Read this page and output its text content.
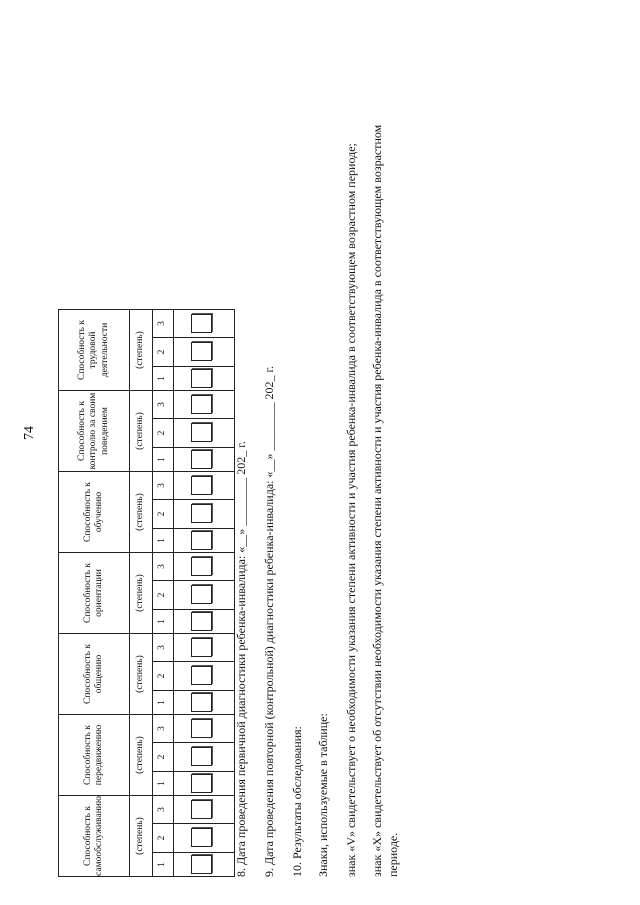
74
Способность к самообслуживанию			Способность к передвижению			Способность к общению			Способность к ориентации			Способность к обучению			Способность к контролю за своим поведением			Способность к трудовой деятельности		
(степень)			(степень)			(степень)			(степень)			(степень)			(степень)			(степень)		
1	2	3	1	2	3	1	2	3	1	2	3	1	2	3	1	2	3	1	2	3

8. Дата проведения первичной диагностики ребенка-инвалида: «__» ________ 202_ г. 9. Дата проведения повторной (контрольной) диагностики ребенка-инвалида: «__» ________ 202_ г. 10. Результаты обследования: Знаки, используемые в таблице: знак «V» свидетельствует о необходимости указания степени активности и участия ребенка-инвалида в соответствующем возрастном периоде; знак «X» свидетельствует об отсутствии необходимости указания степени активности и участия ребенка-инвалида в соответствующем возрастном периоде.
